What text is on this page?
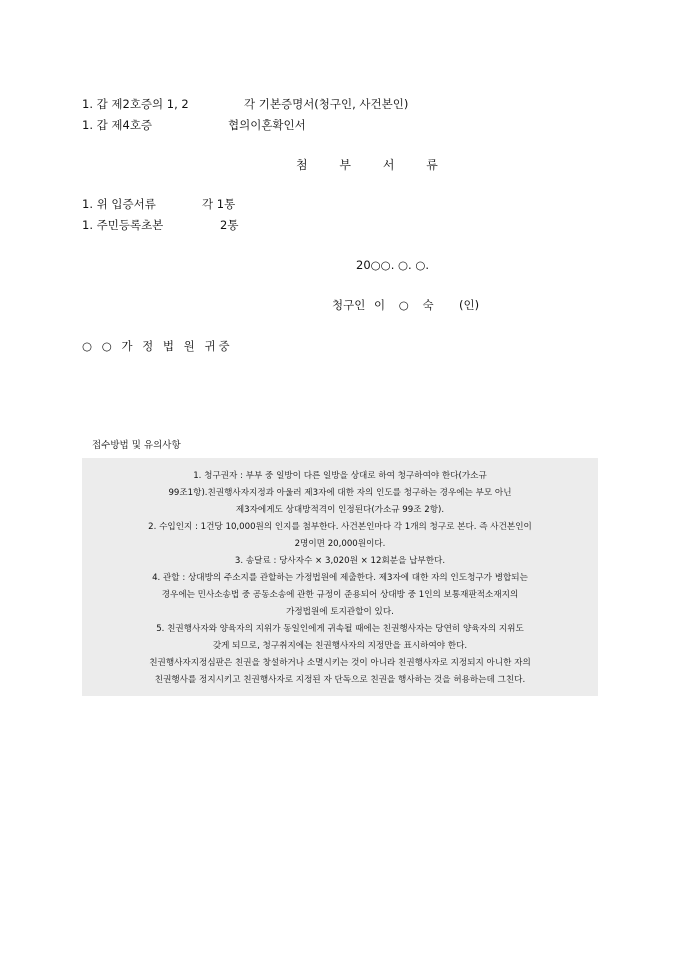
1. 갑 제2호증의 1, 2	각 기본증명서(청구인, 사건본인)
1. 갑 제4호증	협의이혼확인서
첨 부 서 류
1. 위 입증서류	각 1통
1. 주민등록초본	2통
20○○. ○. ○.
청구인 이 ○ 숙 (인)
○ ○ 가 정 법 원 귀중
접수방법 및 유의사항
1. 청구권자 : 부부 중 일방이 다른 일방을 상대로 하여 청구하여야 한다(가소규
99조1항).친권행사자지정과 아울러 제3자에 대한 자의 인도를 청구하는 경우에는 부모 아닌
제3자에게도 상대방적격이 인정된다(가소규 99조 2항).
2. 수입인지 : 1건당 10,000원의 인지를 첨부한다. 사건본인마다 각 1개의 청구로 본다. 즉 사건본인이
2명이면 20,000원이다.
3. 송달료 : 당사자수 × 3,020원 × 12회분을 납부한다.
4. 관할 : 상대방의 주소지를 관할하는 가정법원에 제출한다. 제3자에 대한 자의 인도청구가 병합되는
경우에는 민사소송법 중 공동소송에 관한 규정이 준용되어 상대방 중 1인의 보통재판적소재지의
가정법원에 토지관할이 있다.
5. 친권행사자와 양육자의 지위가 동일인에게 귀속될 때에는 친권행사자는 당연히 양육자의 지위도
갖게 되므로, 청구취지에는 친권행사자의 지정만을 표시하여야 한다.
친권행사자지정심판은 친권을 창설하거나 소멸시키는 것이 아니라 친권행사자로 지정되지 아니한 자의
친권행사를 정지시키고 친권행사자로 지정된 자 단독으로 친권을 행사하는 것을 허용하는데 그친다.
